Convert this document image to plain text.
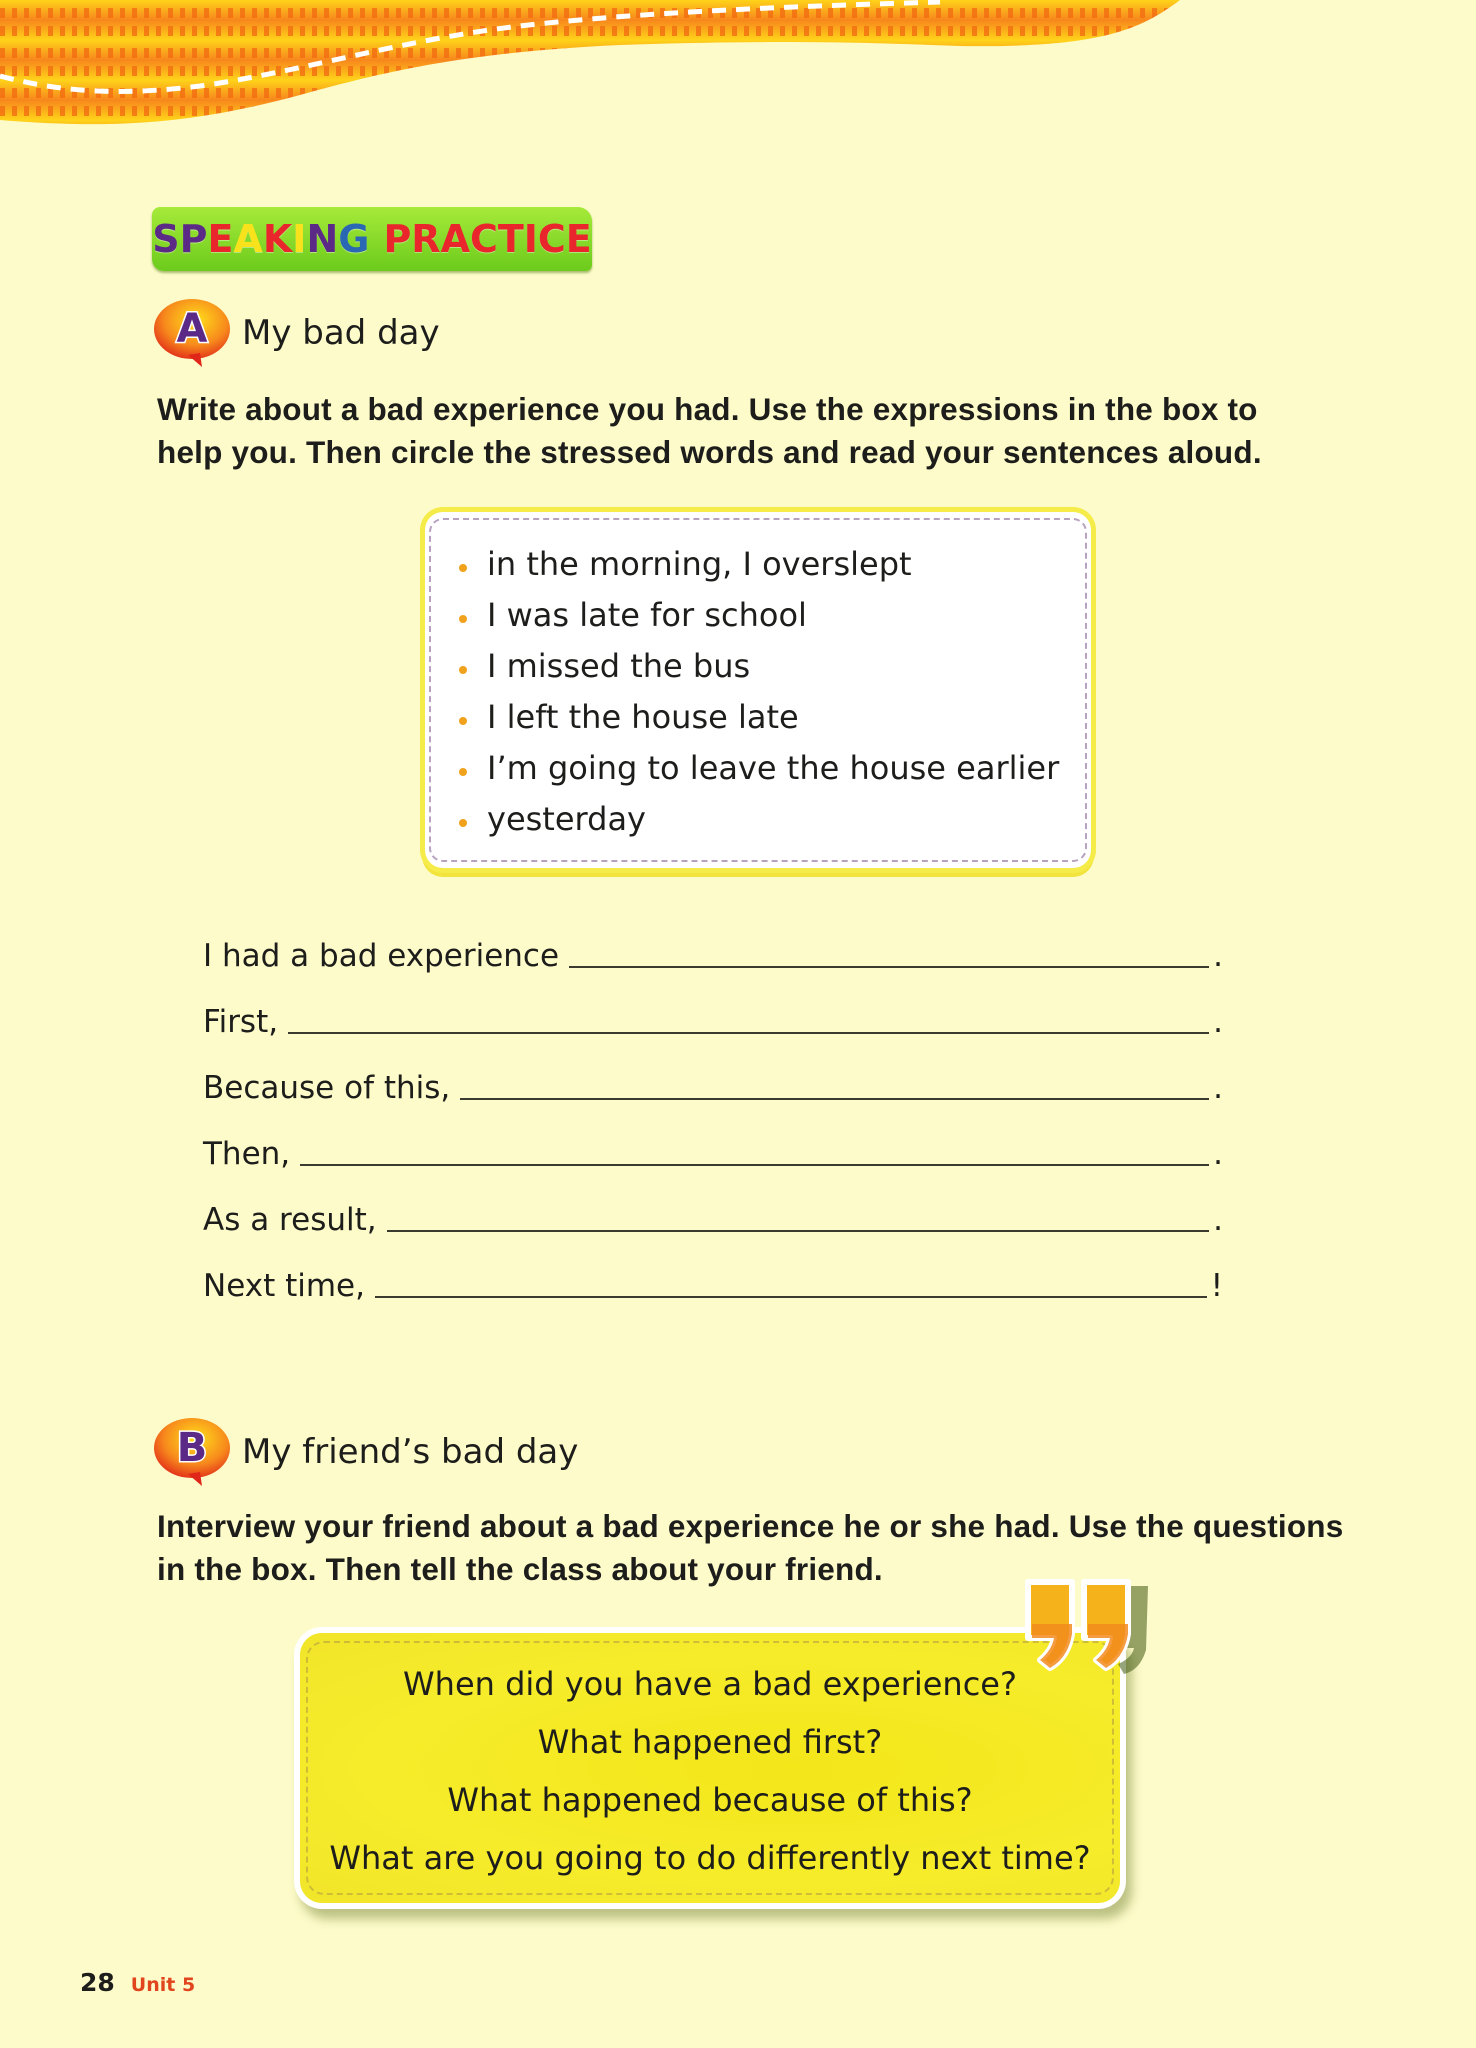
S P E A K I N G PRACTICE
A My bad day
Write about a bad experience you had. Use the expressions in the box to
help you. Then circle the stressed words and read your sentences aloud.
in the morning, I overslept
I was late for school
I missed the bus
I left the house late
I’m going to leave the house earlier
yesterday
I had a bad experience	.
First,	.
Because of this,	.
Then,	.
As a result,	.
Next time,	!
B My friend’s bad day
Interview your friend about a bad experience he or she had. Use the questions
in the box. Then tell the class about your friend.
When did you have a bad experience?
What happened first?
What happened because of this?
What are you going to do differently next time?
28 Unit 5
